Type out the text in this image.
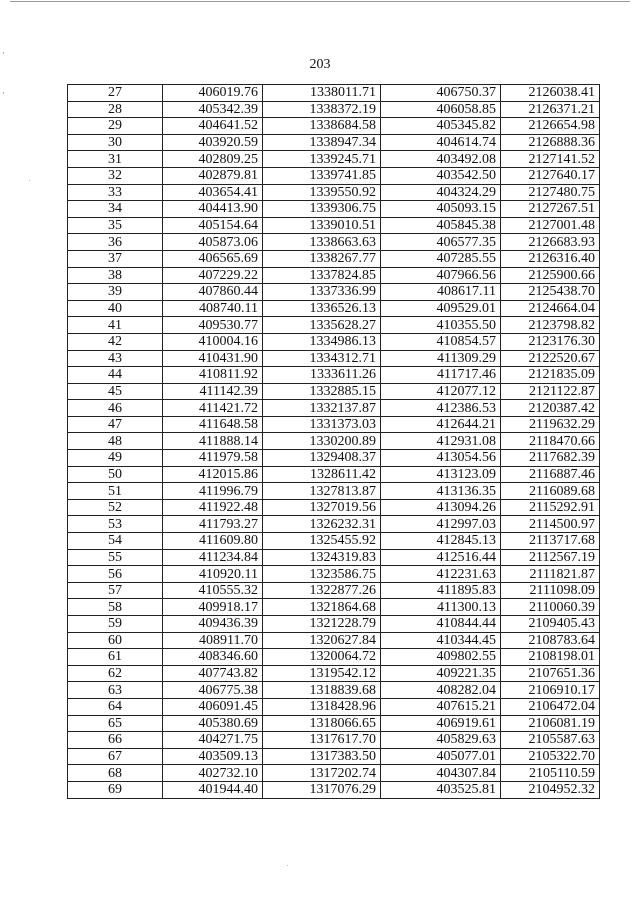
203
27	406019.76	1338011.71	406750.37	2126038.41
28	405342.39	1338372.19	406058.85	2126371.21
29	404641.52	1338684.58	405345.82	2126654.98
30	403920.59	1338947.34	404614.74	2126888.36
31	402809.25	1339245.71	403492.08	2127141.52
32	402879.81	1339741.85	403542.50	2127640.17
33	403654.41	1339550.92	404324.29	2127480.75
34	404413.90	1339306.75	405093.15	2127267.51
35	405154.64	1339010.51	405845.38	2127001.48
36	405873.06	1338663.63	406577.35	2126683.93
37	406565.69	1338267.77	407285.55	2126316.40
38	407229.22	1337824.85	407966.56	2125900.66
39	407860.44	1337336.99	408617.11	2125438.70
40	408740.11	1336526.13	409529.01	2124664.04
41	409530.77	1335628.27	410355.50	2123798.82
42	410004.16	1334986.13	410854.57	2123176.30
43	410431.90	1334312.71	411309.29	2122520.67
44	410811.92	1333611.26	411717.46	2121835.09
45	411142.39	1332885.15	412077.12	2121122.87
46	411421.72	1332137.87	412386.53	2120387.42
47	411648.58	1331373.03	412644.21	2119632.29
48	411888.14	1330200.89	412931.08	2118470.66
49	411979.58	1329408.37	413054.56	2117682.39
50	412015.86	1328611.42	413123.09	2116887.46
51	411996.79	1327813.87	413136.35	2116089.68
52	411922.48	1327019.56	413094.26	2115292.91
53	411793.27	1326232.31	412997.03	2114500.97
54	411609.80	1325455.92	412845.13	2113717.68
55	411234.84	1324319.83	412516.44	2112567.19
56	410920.11	1323586.75	412231.63	2111821.87
57	410555.32	1322877.26	411895.83	2111098.09
58	409918.17	1321864.68	411300.13	2110060.39
59	409436.39	1321228.79	410844.44	2109405.43
60	408911.70	1320627.84	410344.45	2108783.64
61	408346.60	1320064.72	409802.55	2108198.01
62	407743.82	1319542.12	409221.35	2107651.36
63	406775.38	1318839.68	408282.04	2106910.17
64	406091.45	1318428.96	407615.21	2106472.04
65	405380.69	1318066.65	406919.61	2106081.19
66	404271.75	1317617.70	405829.63	2105587.63
67	403509.13	1317383.50	405077.01	2105322.70
68	402732.10	1317202.74	404307.84	2105110.59
69	401944.40	1317076.29	403525.81	2104952.32
